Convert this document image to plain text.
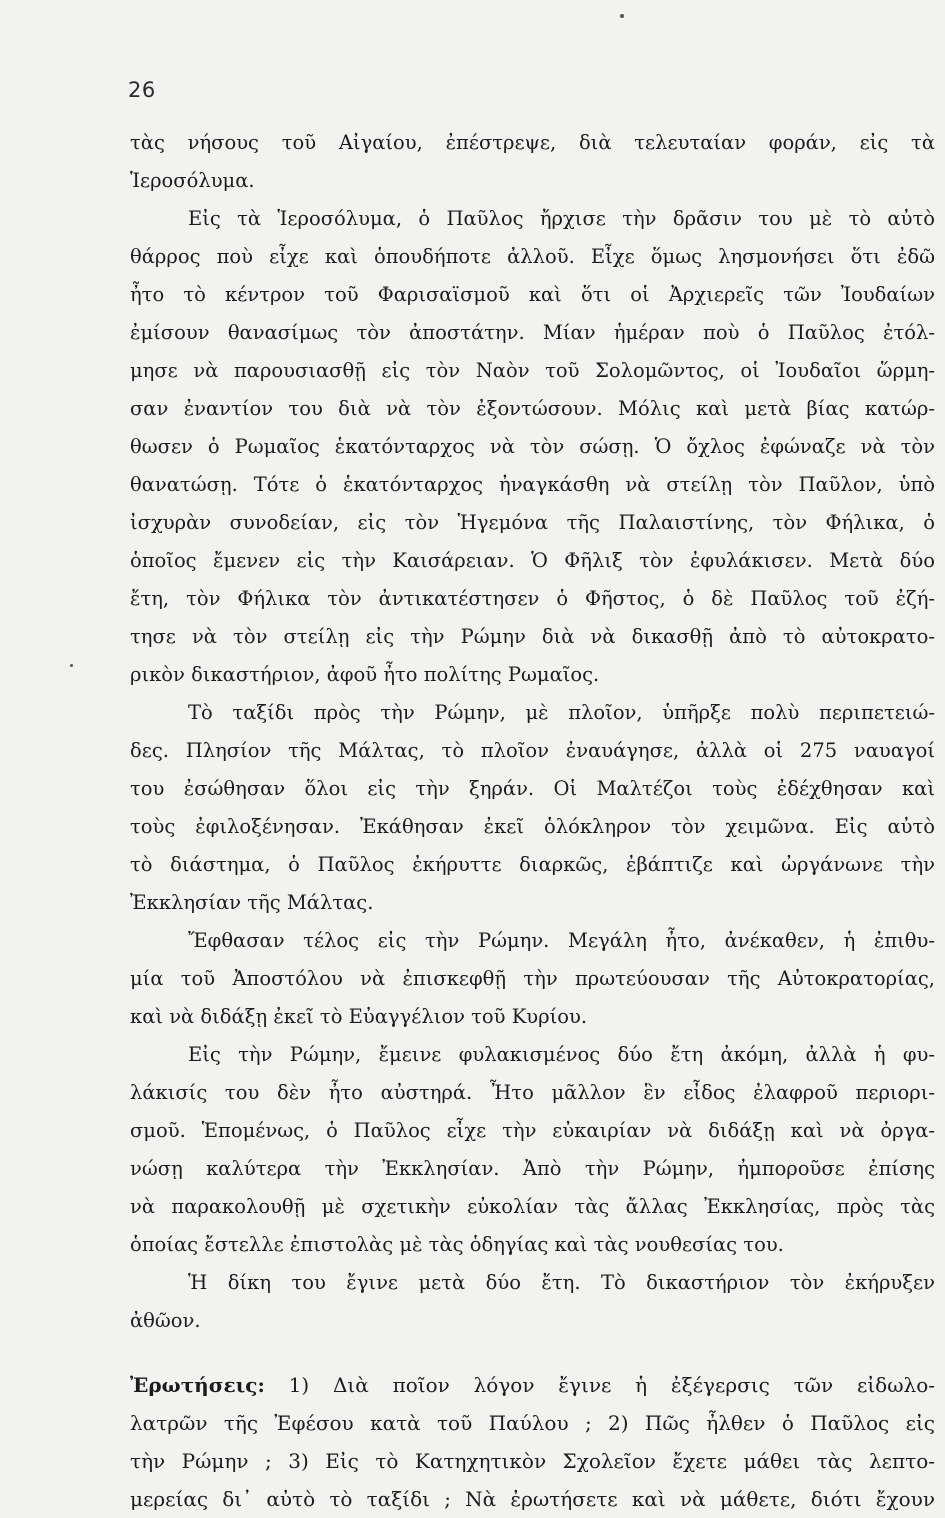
26
τὰς νήσους τοῦ Αἰγαίου, ἐπέστρεψε, διὰ τελευταίαν φοράν, εἰς τὰ
Ἱεροσόλυμα.
Εἰς τὰ Ἱεροσόλυμα, ὁ Παῦλος ἤρχισε τὴν δρᾶσιν του μὲ τὸ αὐτὸ
θάρρος ποὺ εἶχε καὶ ὁπουδήποτε ἀλλοῦ. Εἶχε ὅμως λησμονήσει ὅτι ἐδῶ
ἦτο τὸ κέντρον τοῦ Φαρισαϊσμοῦ καὶ ὅτι οἱ Ἀρχιερεῖς τῶν Ἰουδαίων
ἐμίσουν θανασίμως τὸν ἀποστάτην. Μίαν ἡμέραν ποὺ ὁ Παῦλος ἐτόλ-
μησε νὰ παρουσιασθῇ εἰς τὸν Ναὸν τοῦ Σολομῶντος, οἱ Ἰουδαῖοι ὥρμη-
σαν ἐναντίον του διὰ νὰ τὸν ἐξοντώσουν. Μόλις καὶ μετὰ βίας κατώρ-
θωσεν ὁ Ρωμαῖος ἑκατόνταρχος νὰ τὸν σώσῃ. Ὁ ὄχλος ἐφώναζε νὰ τὸν
θανατώσῃ. Τότε ὁ ἑκατόνταρχος ἠναγκάσθη νὰ στείλῃ τὸν Παῦλον, ὑπὸ
ἰσχυρὰν συνοδείαν, εἰς τὸν Ἡγεμόνα τῆς Παλαιστίνης, τὸν Φήλικα, ὁ
ὁποῖος ἔμενεν εἰς τὴν Καισάρειαν. Ὁ Φῆλιξ τὸν ἐφυλάκισεν. Μετὰ δύο
ἔτη, τὸν Φήλικα τὸν ἀντικατέστησεν ὁ Φῆστος, ὁ δὲ Παῦλος τοῦ ἐζή-
τησε νὰ τὸν στείλῃ εἰς τὴν Ρώμην διὰ νὰ δικασθῇ ἀπὸ τὸ αὐτοκρατο-
ρικὸν δικαστήριον, ἀφοῦ ἦτο πολίτης Ρωμαῖος.
Τὸ ταξίδι πρὸς τὴν Ρώμην, μὲ πλοῖον, ὑπῆρξε πολὺ περιπετειώ-
δες. Πλησίον τῆς Μάλτας, τὸ πλοῖον ἐναυάγησε, ἀλλὰ οἱ 275 ναυαγοί
του ἐσώθησαν ὅλοι εἰς τὴν ξηράν. Οἱ Μαλτέζοι τοὺς ἐδέχθησαν καὶ
τοὺς ἐφιλοξένησαν. Ἐκάθησαν ἐκεῖ ὁλόκληρον τὸν χειμῶνα. Εἰς αὐτὸ
τὸ διάστημα, ὁ Παῦλος ἐκήρυττε διαρκῶς, ἐβάπτιζε καὶ ὠργάνωνε τὴν
Ἐκκλησίαν τῆς Μάλτας.
Ἔφθασαν τέλος εἰς τὴν Ρώμην. Μεγάλη ἦτο, ἀνέκαθεν, ἡ ἐπιθυ-
μία τοῦ Ἀποστόλου νὰ ἐπισκεφθῇ τὴν πρωτεύουσαν τῆς Αὐτοκρατορίας,
καὶ νὰ διδάξῃ ἐκεῖ τὸ Εὐαγγέλιον τοῦ Κυρίου.
Εἰς τὴν Ρώμην, ἔμεινε φυλακισμένος δύο ἔτη ἀκόμη, ἀλλὰ ἡ φυ-
λάκισίς του δὲν ἦτο αὐστηρά. Ἦτο μᾶλλον ἓν εἶδος ἐλαφροῦ περιορι-
σμοῦ. Ἑπομένως, ὁ Παῦλος εἶχε τὴν εὐκαιρίαν νὰ διδάξῃ καὶ νὰ ὀργα-
νώσῃ καλύτερα τὴν Ἐκκλησίαν. Ἀπὸ τὴν Ρώμην, ἠμποροῦσε ἐπίσης
νὰ παρακολουθῇ μὲ σχετικὴν εὐκολίαν τὰς ἄλλας Ἐκκλησίας, πρὸς τὰς
ὁποίας ἔστελλε ἐπιστολὰς μὲ τὰς ὁδηγίας καὶ τὰς νουθεσίας του.
Ἡ δίκη του ἔγινε μετὰ δύο ἔτη. Τὸ δικαστήριον τὸν ἐκήρυξεν
ἀθῶον.
Ἐρωτήσεις: 1) Διὰ ποῖον λόγον ἔγινε ἡ ἐξέγερσις τῶν εἰδωλο-
λατρῶν τῆς Ἐφέσου κατὰ τοῦ Παύλου ; 2) Πῶς ἦλθεν ὁ Παῦλος εἰς
τὴν Ρώμην ; 3) Εἰς τὸ Κατηχητικὸν Σχολεῖον ἔχετε μάθει τὰς λεπτο-
μερείας δι᾽ αὐτὸ τὸ ταξίδι ; Νὰ ἐρωτήσετε καὶ νὰ μάθετε, διότι ἔχουν
